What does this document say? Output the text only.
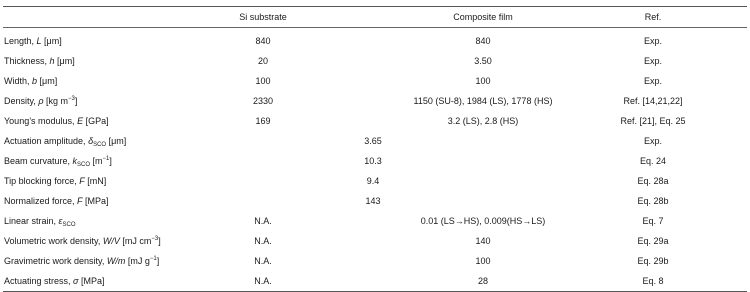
Si substrate	Composite film	Ref.
Length, L [μm]	840	840	Exp.
Thickness, h [μm]	20	3.50	Exp.
Width, b [μm]	100	100	Exp.
Density, ρ [kg $m^{-3}$]	2330	1150 (SU-8), 1984 (LS), 1778 (HS)	Ref. [14,21,22]
Young’s modulus, E [GPa]	169	3.2 (LS), 2.8 (HS)	Ref. [21], Eq. 25
Actuation amplitude, $\delta_{SCO}$ [μm]	3.65	Exp.
Beam curvature, $k_{SCO}$ $[m^{-1}]$	10.3	Eq. 24
Tip blocking force, F [mN]	9.4	Eq. 28a
Normalized force, F [MPa]	143	Eq. 28b
Linear strain, $\varepsilon_{SCO}$	N.A.	0.01 (LS→HS), 0.009(HS→LS)	Eq. 7
Volumetric work density, W/V [mJ $cm^{-3}$]	N.A.	140	Eq. 29a
Gravimetric work density, W/m [mJ $g^{-1}$]	N.A.	100	Eq. 29b
Actuating stress, σ [MPa]	N.A.	28	Eq. 8
